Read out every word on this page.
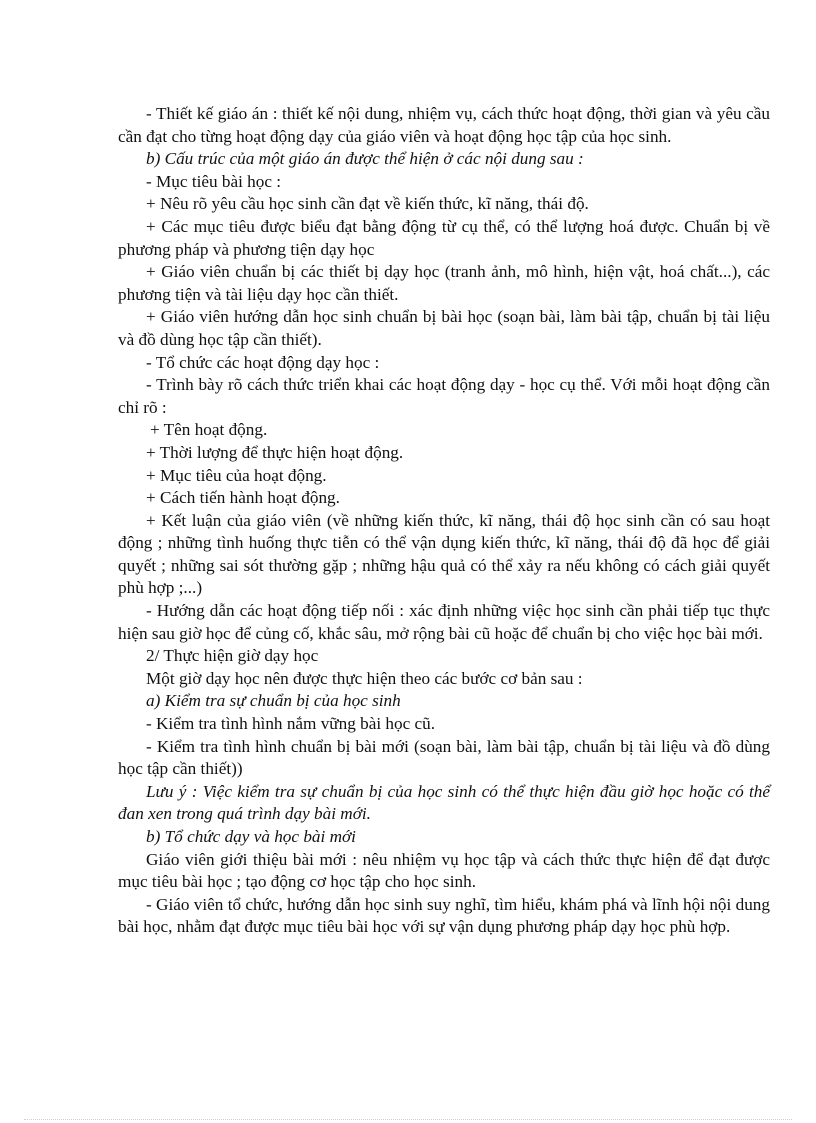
- Thiết kế giáo án : thiết kế nội dung, nhiệm vụ, cách thức hoạt động, thời gian và yêu cầu cần đạt cho từng hoạt động dạy của giáo viên và hoạt động học tập của học sinh.

b) Cấu trúc của một giáo án được thể hiện ở các nội dung sau :

- Mục tiêu bài học :

+ Nêu rõ yêu cầu học sinh cần đạt về kiến thức, kĩ năng, thái độ.

+ Các mục tiêu được biểu đạt bằng động từ cụ thể, có thể lượng hoá được. Chuẩn bị về phương pháp và phương tiện dạy học

+ Giáo viên chuẩn bị các thiết bị dạy học (tranh ảnh, mô hình, hiện vật, hoá chất...), các phương tiện và tài liệu dạy học cần thiết.

+ Giáo viên hướng dẫn học sinh chuẩn bị bài học (soạn bài, làm bài tập, chuẩn bị tài liệu và đồ dùng học tập cần thiết).

- Tổ chức các hoạt động dạy học :

- Trình bày rõ cách thức triển khai các hoạt động dạy - học cụ thể. Với mỗi hoạt động cần chỉ rõ :

+ Tên hoạt động.

+ Thời lượng để thực hiện hoạt động.

+ Mục tiêu của hoạt động.

+ Cách tiến hành hoạt động.

+ Kết luận của giáo viên (về những kiến thức, kĩ năng, thái độ học sinh cần có sau hoạt động ; những tình huống thực tiễn có thể vận dụng kiến thức, kĩ năng, thái độ đã học để giải quyết ; những sai sót thường gặp ; những hậu quả có thể xảy ra nếu không có cách giải quyết phù hợp ;...)

- Hướng dẫn các hoạt động tiếp nối : xác định những việc học sinh cần phải tiếp tục thực hiện sau giờ học để củng cố, khắc sâu, mở rộng bài cũ hoặc để chuẩn bị cho việc học bài mới.

2/ Thực hiện giờ dạy học

Một giờ dạy học nên được thực hiện theo các bước cơ bản sau :

a) Kiểm tra sự chuẩn bị của học sinh

- Kiểm tra tình hình nắm vững bài học cũ.

- Kiểm tra tình hình chuẩn bị bài mới (soạn bài, làm bài tập, chuẩn bị tài liệu và đồ dùng học tập cần thiết))

Lưu ý : Việc kiểm tra sự chuẩn bị của học sinh có thể thực hiện đầu giờ học hoặc có thể đan xen trong quá trình dạy bài mới.

b) Tổ chức dạy và học bài mới

Giáo viên giới thiệu bài mới : nêu nhiệm vụ học tập và cách thức thực hiện để đạt được mục tiêu bài học ; tạo động cơ học tập cho học sinh.

- Giáo viên tổ chức, hướng dẫn học sinh suy nghĩ, tìm hiểu, khám phá và lĩnh hội nội dung bài học, nhằm đạt được mục tiêu bài học với sự vận dụng phương pháp dạy học phù hợp.
